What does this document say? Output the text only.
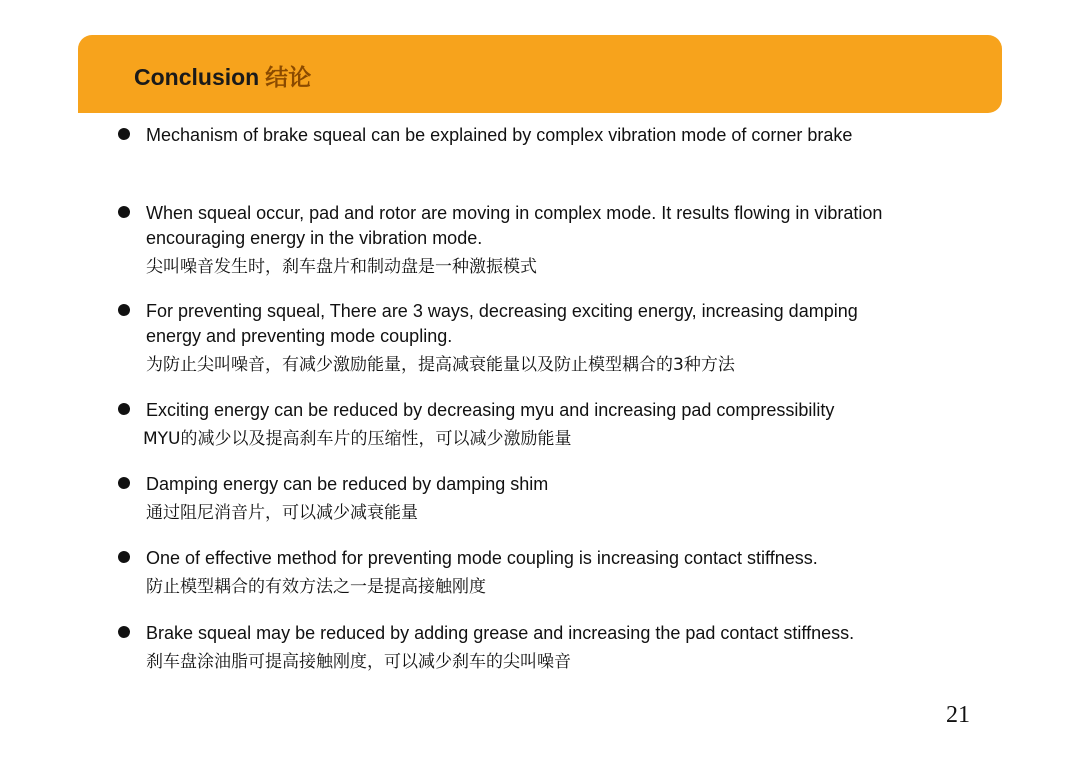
Conclusion 结论
Mechanism of brake squeal can be explained by complex vibration mode of corner brake
When squeal occur, pad and rotor are moving in complex mode. It results flowing in vibration
encouraging energy in the vibration mode.
尖叫噪音发生时，刹车盘片和制动盘是一种激振模式
For preventing squeal, There are 3 ways, decreasing exciting energy, increasing damping
energy and preventing mode coupling.
为防止尖叫噪音，有减少激励能量，提高减衰能量以及防止模型耦合的3种方法
Exciting energy can be reduced by decreasing myu and increasing pad compressibility
MYU的减少以及提高刹车片的压缩性，可以减少激励能量
Damping energy can be reduced by damping shim
通过阻尼消音片，可以减少减衰能量
One of effective method for preventing mode coupling is increasing contact stiffness.
防止模型耦合的有效方法之一是提高接触刚度
Brake squeal may be reduced by adding grease and increasing the pad contact stiffness.
刹车盘涂油脂可提高接触刚度，可以减少刹车的尖叫噪音
21
